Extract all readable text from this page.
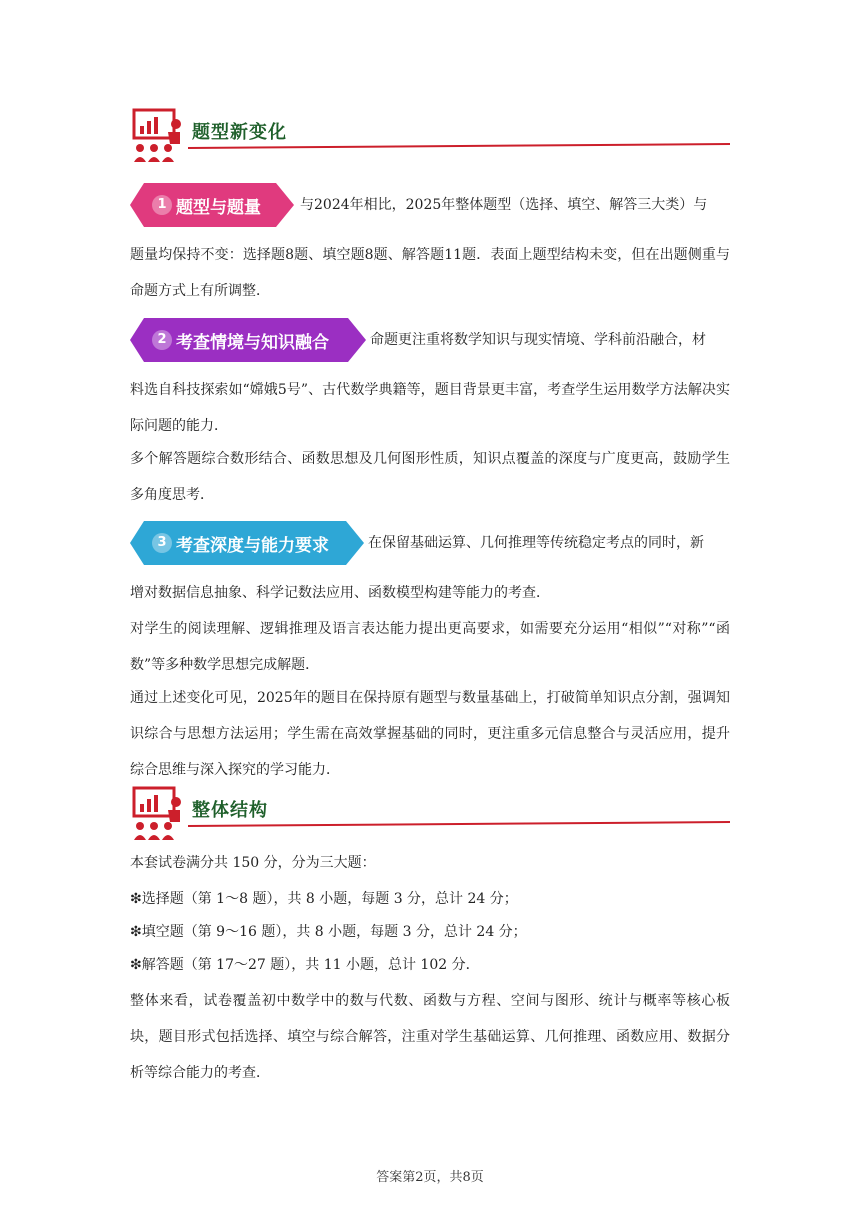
题型新变化
1 题型与题量	与2024年相比，2025年整体题型（选择、填空、解答三大类）与

题量均保持不变：选择题8题、填空题8题、解答题11题．表面上题型结构未变，但在出题侧重与命题方式上有所调整．

2 考查情境与知识融合	命题更注重将数学知识与现实情境、学科前沿融合，材

料选自科技探索如“嫦娥5号”、古代数学典籍等，题目背景更丰富，考查学生运用数学方法解决实际问题的能力．

多个解答题综合数形结合、函数思想及几何图形性质，知识点覆盖的深度与广度更高，鼓励学生多角度思考．

3 考查深度与能力要求	在保留基础运算、几何推理等传统稳定考点的同时，新

增对数据信息抽象、科学记数法应用、函数模型构建等能力的考查．

对学生的阅读理解、逻辑推理及语言表达能力提出更高要求，如需要充分运用“相似”“对称”“函数”等多种数学思想完成解题．

通过上述变化可见，2025年的题目在保持原有题型与数量基础上，打破简单知识点分割，强调知识综合与思想方法运用；学生需在高效掌握基础的同时，更注重多元信息整合与灵活应用，提升综合思维与深入探究的学习能力．

整体结构

本套试卷满分共 150 分，分为三大题：

❇选择题（第 1～8 题），共 8 小题，每题 3 分，总计 24 分；

❇填空题（第 9～16 题），共 8 小题，每题 3 分，总计 24 分；

❇解答题（第 17～27 题），共 11 小题，总计 102 分．

整体来看，试卷覆盖初中数学中的数与代数、函数与方程、空间与图形、统计与概率等核心板块，题目形式包括选择、填空与综合解答，注重对学生基础运算、几何推理、函数应用、数据分析等综合能力的考查．

答案第2页，共8页
